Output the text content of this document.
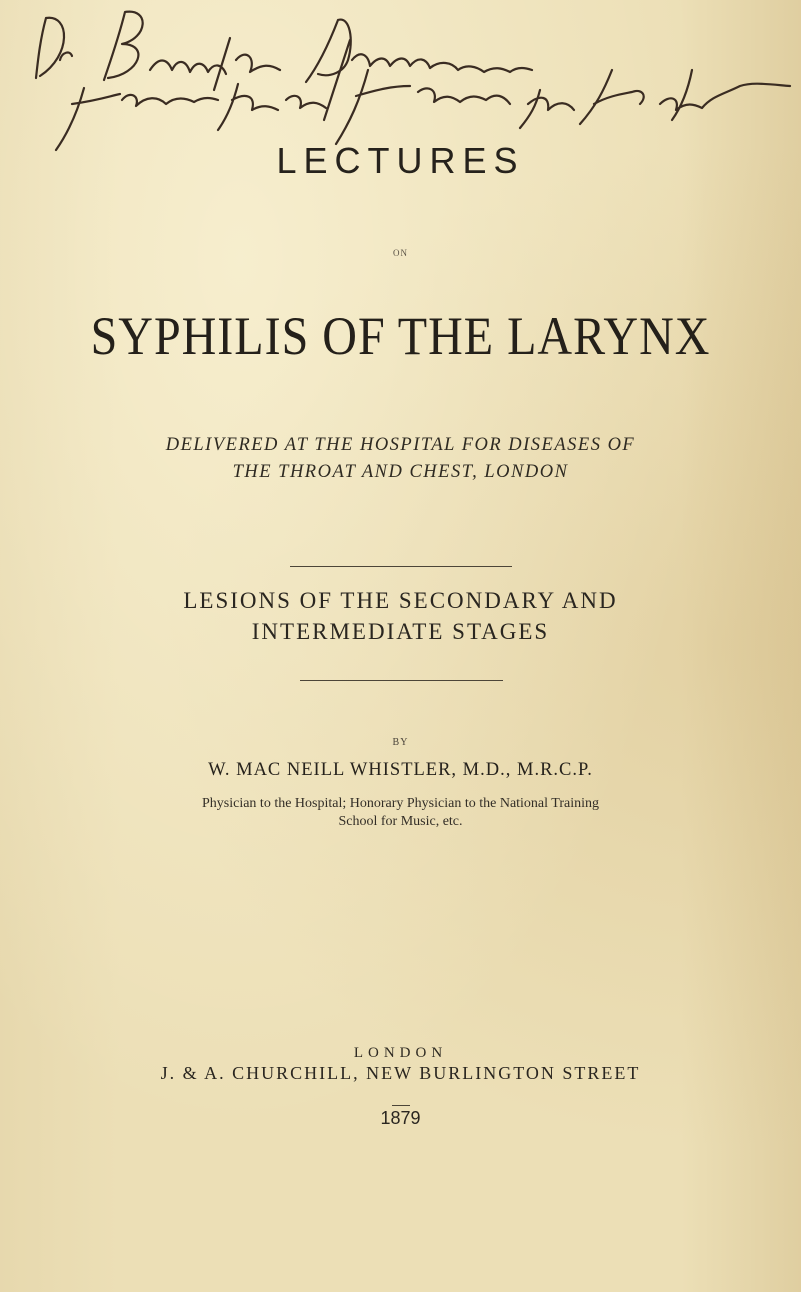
LECTURES
ON
SYPHILIS OF THE LARYNX
DELIVERED AT THE HOSPITAL FOR DISEASES OF
THE THROAT AND CHEST, LONDON
LESIONS OF THE SECONDARY AND
INTERMEDIATE STAGES
BY
W. MAC NEILL WHISTLER, M.D., M.R.C.P.
Physician to the Hospital; Honorary Physician to the National Training
School for Music, etc.
LONDON
J. & A. CHURCHILL, NEW BURLINGTON STREET
1879
